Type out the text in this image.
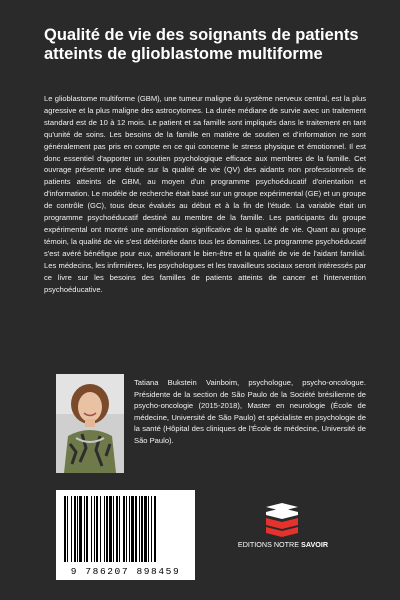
Qualité de vie des soignants de patients atteints de glioblastome multiforme

Le glioblastome multiforme (GBM), une tumeur maligne du système nerveux central, est la plus agressive et la plus maligne des astrocytomes. La durée médiane de survie avec un traitement standard est de 10 à 12 mois. Le patient et sa famille sont impliqués dans le traitement en tant qu'unité de soins. Les besoins de la famille en matière de soutien et d'information ne sont généralement pas pris en compte en ce qui concerne le stress physique et émotionnel. Il est donc essentiel d'apporter un soutien psychologique efficace aux membres de la famille. Cet ouvrage présente une étude sur la qualité de vie (QV) des aidants non professionnels de patients atteints de GBM, au moyen d'un programme psychoéducatif d'orientation et d'information. Le modèle de recherche était basé sur un groupe expérimental (GE) et un groupe de contrôle (GC), tous deux évalués au début et à la fin de l'étude. La variable était un programme psychoéducatif destiné au membre de la famille. Les participants du groupe expérimental ont montré une amélioration significative de la qualité de vie. Quant au groupe témoin, la qualité de vie s'est détériorée dans tous les domaines. Le programme psychoéducatif s'est avéré bénéfique pour eux, améliorant le bien-être et la qualité de vie de l'aidant familial. Les médecins, les infirmières, les psychologues et les travailleurs sociaux seront intéressés par ce livre sur les besoins des familles de patients atteints de cancer et l'intervention psychoéducative.

Tatiana Bukstein Vainboim, psychologue, psycho-oncologue. Présidente de la section de São Paulo de la Société brésilienne de psycho-oncologie (2015-2018), Master en neurologie (École de médecine, Université de São Paulo) et spécialiste en psychologie de la santé (Hôpital des cliniques de l'École de médecine, Université de São Paulo).

9 786207 898459
EDITIONS NOTRE SAVOIR
